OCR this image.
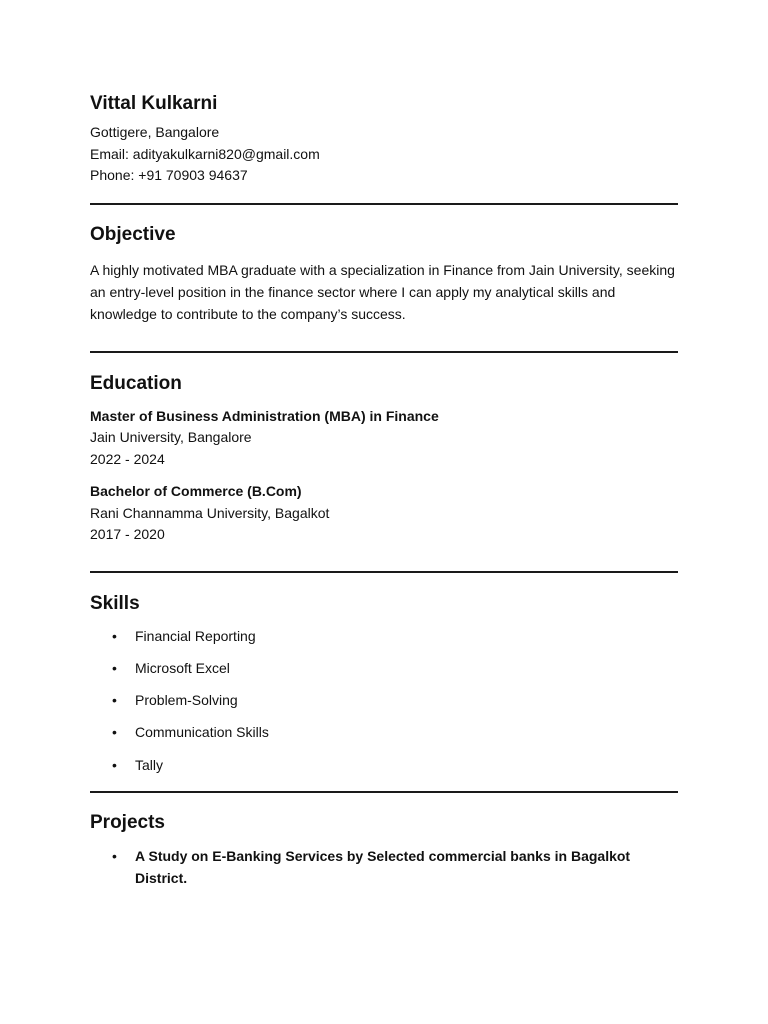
Vittal Kulkarni
Gottigere, Bangalore
Email: adityakulkarni820@gmail.com
Phone: +91 70903 94637
Objective

A highly motivated MBA graduate with a specialization in Finance from Jain University, seeking an entry-level position in the finance sector where I can apply my analytical skills and knowledge to contribute to the company’s success.

Education
Master of Business Administration (MBA) in Finance
Jain University, Bangalore
2022 - 2024
Bachelor of Commerce (B.Com)
Rani Channamma University, Bagalkot
2017 - 2020
Skills
• Financial Reporting
• Microsoft Excel
• Problem-Solving
• Communication Skills
• Tally
Projects
• A Study on E-Banking Services by Selected commercial banks in Bagalkot District.
